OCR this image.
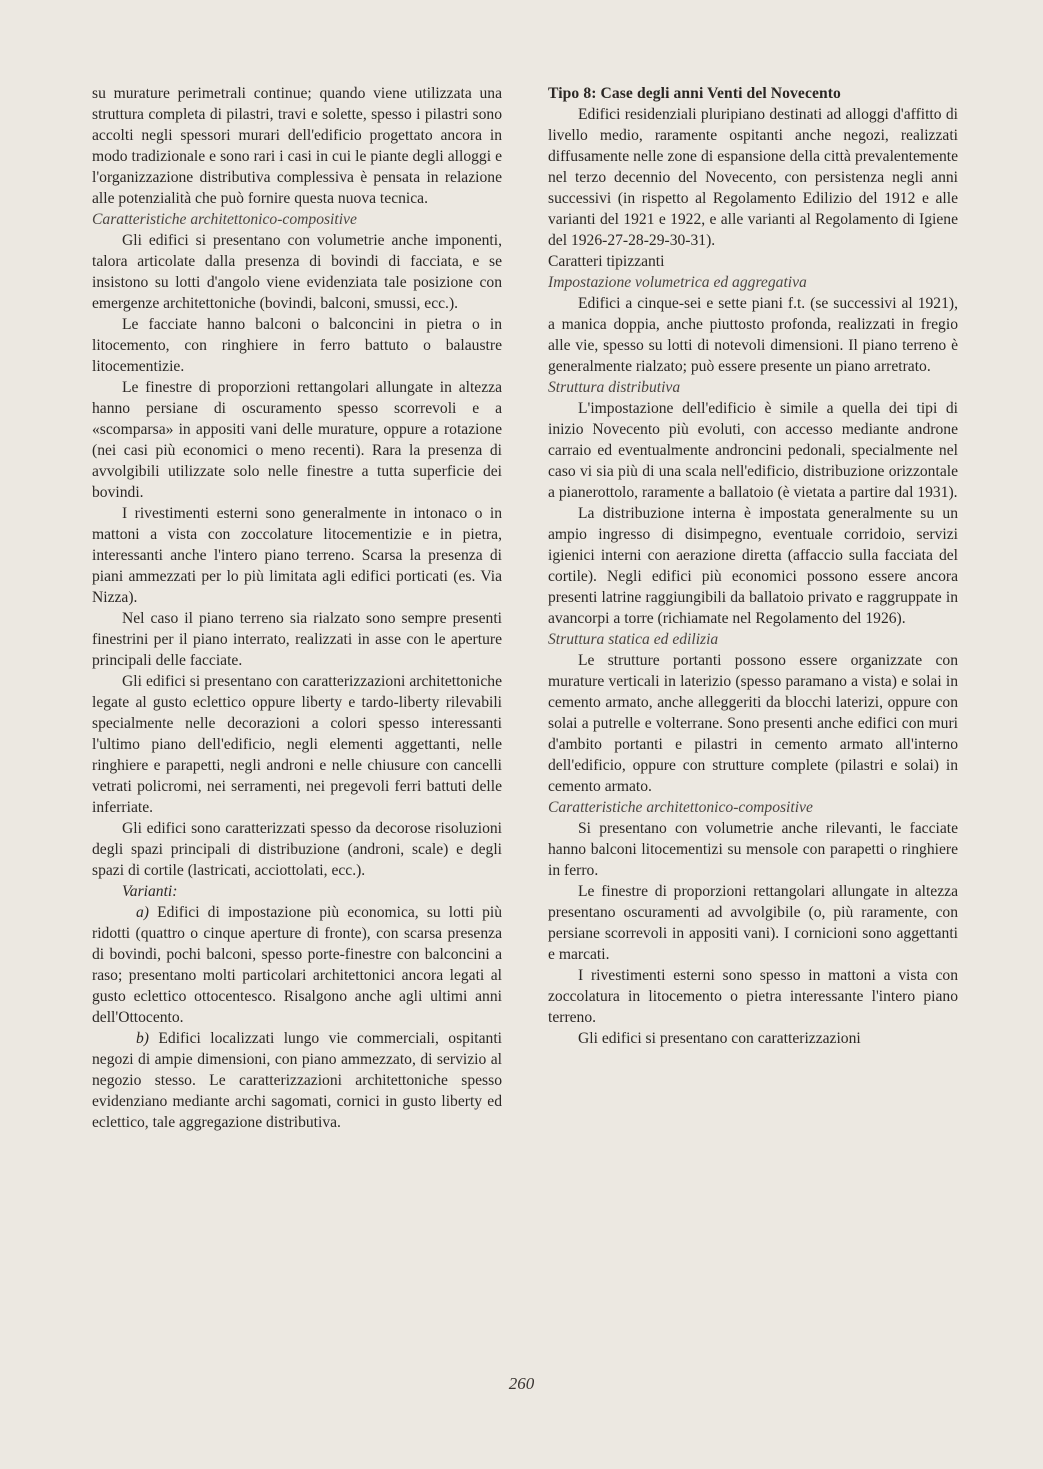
su murature perimetrali continue; quando viene utilizzata una struttura completa di pilastri, travi e solette, spesso i pilastri sono accolti negli spessori murari dell'edificio progettato ancora in modo tradizionale e sono rari i casi in cui le piante degli alloggi e l'organizzazione distributiva complessiva è pensata in relazione alle potenzialità che può fornire questa nuova tecnica.

Caratteristiche architettonico-compositive

Gli edifici si presentano con volumetrie anche imponenti, talora articolate dalla presenza di bovindi di facciata, e se insistono su lotti d'angolo viene evidenziata tale posizione con emergenze architettoniche (bovindi, balconi, smussi, ecc.).

Le facciate hanno balconi o balconcini in pietra o in litocemento, con ringhiere in ferro battuto o balaustre litocementizie.

Le finestre di proporzioni rettangolari allungate in altezza hanno persiane di oscuramento spesso scorrevoli e a «scomparsa» in appositi vani delle murature, oppure a rotazione (nei casi più economici o meno recenti). Rara la presenza di avvolgibili utilizzate solo nelle finestre a tutta superficie dei bovindi.

I rivestimenti esterni sono generalmente in intonaco o in mattoni a vista con zoccolature litocementizie e in pietra, interessanti anche l'intero piano terreno. Scarsa la presenza di piani ammezzati per lo più limitata agli edifici porticati (es. Via Nizza).

Nel caso il piano terreno sia rialzato sono sempre presenti finestrini per il piano interrato, realizzati in asse con le aperture principali delle facciate.

Gli edifici si presentano con caratterizzazioni architettoniche legate al gusto eclettico oppure liberty e tardo-liberty rilevabili specialmente nelle decorazioni a colori spesso interessanti l'ultimo piano dell'edificio, negli elementi aggettanti, nelle ringhiere e parapetti, negli androni e nelle chiusure con cancelli vetrati policromi, nei serramenti, nei pregevoli ferri battuti delle inferriate.

Gli edifici sono caratterizzati spesso da decorose risoluzioni degli spazi principali di distribuzione (androni, scale) e degli spazi di cortile (lastricati, acciottolati, ecc.).

Varianti:

a) Edifici di impostazione più economica, su lotti più ridotti (quattro o cinque aperture di fronte), con scarsa presenza di bovindi, pochi balconi, spesso porte-finestre con balconcini a raso; presentano molti particolari architettonici ancora legati al gusto eclettico ottocentesco. Risalgono anche agli ultimi anni dell'Ottocento.

b) Edifici localizzati lungo vie commerciali, ospitanti negozi di ampie dimensioni, con piano ammezzato, di servizio al negozio stesso. Le caratterizzazioni architettoniche spesso evidenziano mediante archi sagomati, cornici in gusto liberty ed eclettico, tale aggregazione distributiva.

Tipo 8: Case degli anni Venti del Novecento

Edifici residenziali pluripiano destinati ad alloggi d'affitto di livello medio, raramente ospitanti anche negozi, realizzati diffusamente nelle zone di espansione della città prevalentemente nel terzo decennio del Novecento, con persistenza negli anni successivi (in rispetto al Regolamento Edilizio del 1912 e alle varianti del 1921 e 1922, e alle varianti al Regolamento di Igiene del 1926-27-28-29-30-31).

Caratteri tipizzanti

Impostazione volumetrica ed aggregativa

Edifici a cinque-sei e sette piani f.t. (se successivi al 1921), a manica doppia, anche piuttosto profonda, realizzati in fregio alle vie, spesso su lotti di notevoli dimensioni. Il piano terreno è generalmente rialzato; può essere presente un piano arretrato.

Struttura distributiva

L'impostazione dell'edificio è simile a quella dei tipi di inizio Novecento più evoluti, con accesso mediante androne carraio ed eventualmente androncini pedonali, specialmente nel caso vi sia più di una scala nell'edificio, distribuzione orizzontale a pianerottolo, raramente a ballatoio (è vietata a partire dal 1931).

La distribuzione interna è impostata generalmente su un ampio ingresso di disimpegno, eventuale corridoio, servizi igienici interni con aerazione diretta (affaccio sulla facciata del cortile). Negli edifici più economici possono essere ancora presenti latrine raggiungibili da ballatoio privato e raggruppate in avancorpi a torre (richiamate nel Regolamento del 1926).

Struttura statica ed edilizia

Le strutture portanti possono essere organizzate con murature verticali in laterizio (spesso paramano a vista) e solai in cemento armato, anche alleggeriti da blocchi laterizi, oppure con solai a putrelle e volterrane. Sono presenti anche edifici con muri d'ambito portanti e pilastri in cemento armato all'interno dell'edificio, oppure con strutture complete (pilastri e solai) in cemento armato.

Caratteristiche architettonico-compositive

Si presentano con volumetrie anche rilevanti, le facciate hanno balconi litocementizi su mensole con parapetti o ringhiere in ferro.

Le finestre di proporzioni rettangolari allungate in altezza presentano oscuramenti ad avvolgibile (o, più raramente, con persiane scorrevoli in appositi vani). I cornicioni sono aggettanti e marcati.

I rivestimenti esterni sono spesso in mattoni a vista con zoccolatura in litocemento o pietra interessante l'intero piano terreno.

Gli edifici si presentano con caratterizzazioni

260
